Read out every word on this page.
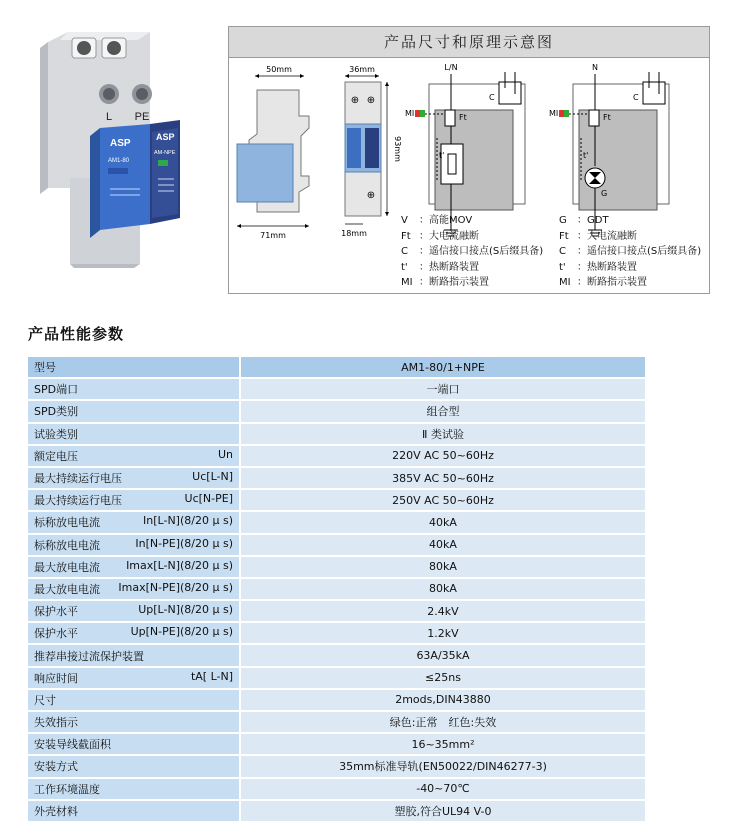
L PE
ASP
ASP
AM1-80
AM-NPE
产品尺寸和原理示意图
50mm
71mm
36mm
⊕ ⊕
⊕
93mm
18mm
L/N
Ft
t'
C
MI
N
Ft
G
t'
C
MI
V ：高能MOV
Ft ：大电流融断
C ：遥信接口接点(S后缀具备)
t' ：热断路装置
MI ：断路指示装置
G ：GDT
Ft ：大电流融断
C ：遥信接口接点(S后缀具备)
t' ：热断路装置
MI ：断路指示装置
产品性能参数
型号	AM1-80/1+NPE

SPD端口	一端口

SPD类别	组合型

试验类别	Ⅱ 类试验

额定电压 Un	220V AC 50~60Hz

最大持续运行电压 Uc[L-N]	385V AC 50~60Hz

最大持续运行电压 Uc[N-PE]	250V AC 50~60Hz

标称放电电流 In[L-N](8/20 μ s)	40kA

标称放电电流 In[N-PE](8/20 μ s)	40kA

最大放电电流 Imax[L-N](8/20 μ s)	80kA

最大放电电流 Imax[N-PE](8/20 μ s)	80kA

保护水平 Up[L-N](8/20 μ s)	2.4kV

保护水平 Up[N-PE](8/20 μ s)	1.2kV

推荐串接过流保护装置	63A/35kA

响应时间 tA[ L-N]	≤25ns

尺寸	2mods,DIN43880

失效指示	绿色:正常　红色:失效

安装导线截面积	16~35mm²

安装方式	35mm标准导轨(EN50022/DIN46277-3)

工作环境温度	-40~70℃

外壳材料	塑胶,符合UL94 V-0
